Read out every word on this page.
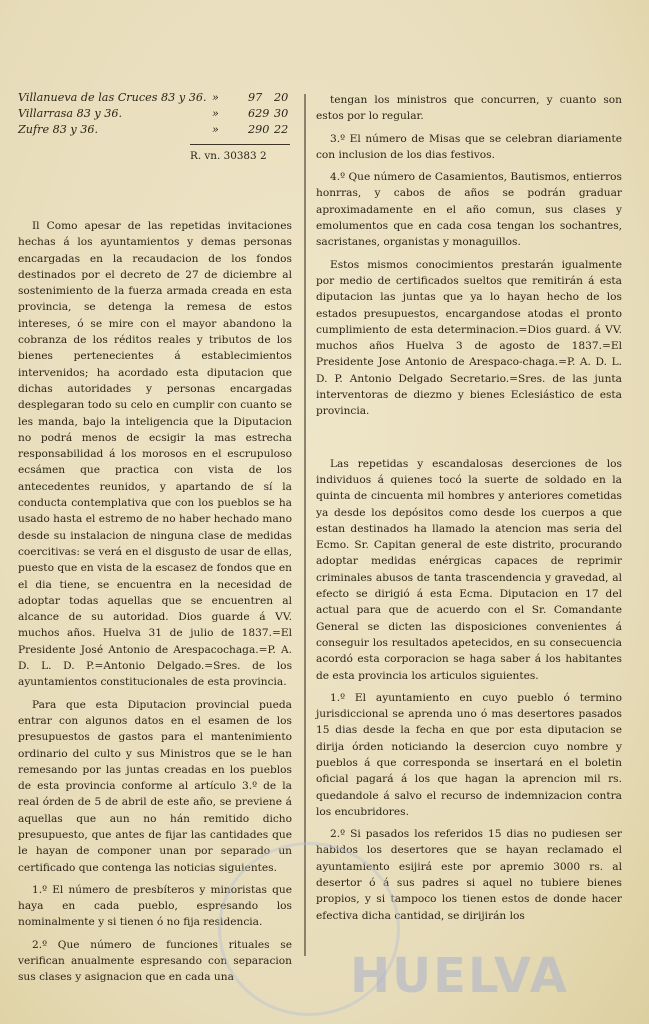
Villanueva de las Cruces 83 y 36. »	97 20
Villarrasa 83 y 36.	»	629 30
Zufre 83 y 36.	»	290 22
R. vn. 30383 2

Il Como apesar de las repetidas invitaciones hechas á los ayuntamientos y demas personas encargadas en la recaudacion de los fondos destinados por el decreto de 27 de diciembre al sostenimiento de la fuerza armada creada en esta provincia, se detenga la remesa de estos intereses, ó se mire con el mayor abandono la cobranza de los réditos reales y tributos de los bienes pertenecientes á establecimientos intervenidos; ha acordado esta diputacion que dichas autoridades y personas encargadas desplegaran todo su celo en cumplir con cuanto se les manda, bajo la inteligencia que la Diputacion no podrá menos de ecsigir la mas estrecha responsabilidad á los morosos en el escrupuloso ecsámen que practica con vista de los antecedentes reunidos, y apartando de sí la conducta contemplativa que con los pueblos se ha usado hasta el estremo de no haber hechado mano desde su instalacion de ninguna clase de medidas coercitivas: se verá en el disgusto de usar de ellas, puesto que en vista de la escasez de fondos que en el dia tiene, se encuentra en la necesidad de adoptar todas aquellas que se encuentren al alcance de su autoridad. Dios guarde á VV. muchos años. Huelva 31 de julio de 1837.=El Presidente José Antonio de Arespacochaga.=P. A. D. L. D. P.=Antonio Delgado.=Sres. de los ayuntamientos constitucionales de esta provincia.

Para que esta Diputacion provincial pueda entrar con algunos datos en el esamen de los presupuestos de gastos para el mantenimiento ordinario del culto y sus Ministros que se le han remesando por las juntas creadas en los pueblos de esta provincia conforme al artículo 3.º de la real órden de 5 de abril de este año, se previene á aquellas que aun no hán remitido dicho presupuesto, que antes de fijar las cantidades que le hayan de componer unan por separado un certificado que contenga las noticias siguientes.

1.º El número de presbíteros y minoristas que haya en cada pueblo, espresando los nominalmente y si tienen ó no fija residencia.

2.º Que número de funciones rituales se verifican anualmente espresando con separacion sus clases y asignacion que en cada una

tengan los ministros que concurren, y cuanto son estos por lo regular.

3.º El número de Misas que se celebran diariamente con inclusion de los dias festivos.

4.º Que número de Casamientos, Bautismos, entierros honrras, y cabos de años se podrán graduar aproximadamente en el año comun, sus clases y emolumentos que en cada cosa tengan los sochantres, sacristanes, organistas y monaguillos.

Estos mismos conocimientos prestarán igualmente por medio de certificados sueltos que remitirán á esta diputacion las juntas que ya lo hayan hecho de los estados presupuestos, encargandose atodas el pronto cumplimiento de esta determinacion.=Dios guard. á VV. muchos años Huelva 3 de agosto de 1837.=El Presidente Jose Antonio de Arespaco-chaga.=P. A. D. L. D. P. Antonio Delgado Secretario.=Sres. de las junta interventoras de diezmo y bienes Eclesiástico de esta provincia.

Las repetidas y escandalosas deserciones de los individuos á quienes tocó la suerte de soldado en la quinta de cincuenta mil hombres y anteriores cometidas ya desde los depósitos como desde los cuerpos a que estan destinados ha llamado la atencion mas seria del Ecmo. Sr. Capitan general de este distrito, procurando adoptar medidas enérgicas capaces de reprimir criminales abusos de tanta trascendencia y gravedad, al efecto se dirigió á esta Ecma. Diputacion en 17 del actual para que de acuerdo con el Sr. Comandante General se dicten las disposiciones convenientes á conseguir los resultados apetecidos, en su consecuencia acordó esta corporacion se haga saber á los habitantes de esta provincia los articulos siguientes.

1.º El ayuntamiento en cuyo pueblo ó termino jurisdiccional se aprenda uno ó mas desertores pasados 15 dias desde la fecha en que por esta diputacion se dirija órden noticiando la desercion cuyo nombre y pueblos á que corresponda se insertará en el boletin oficial pagará á los que hagan la aprencion mil rs. quedandole á salvo el recurso de indemnizacion contra los encubridores.

2.º Si pasados los referidos 15 dias no pudiesen ser habidos los desertores que se hayan reclamado el ayuntamiento esijirá este por apremio 3000 rs. al desertor ó á sus padres si aquel no tubiere bienes propios, y si tampoco los tienen estos de donde hacer efectiva dicha cantidad, se dirijirán los

HUELVA
